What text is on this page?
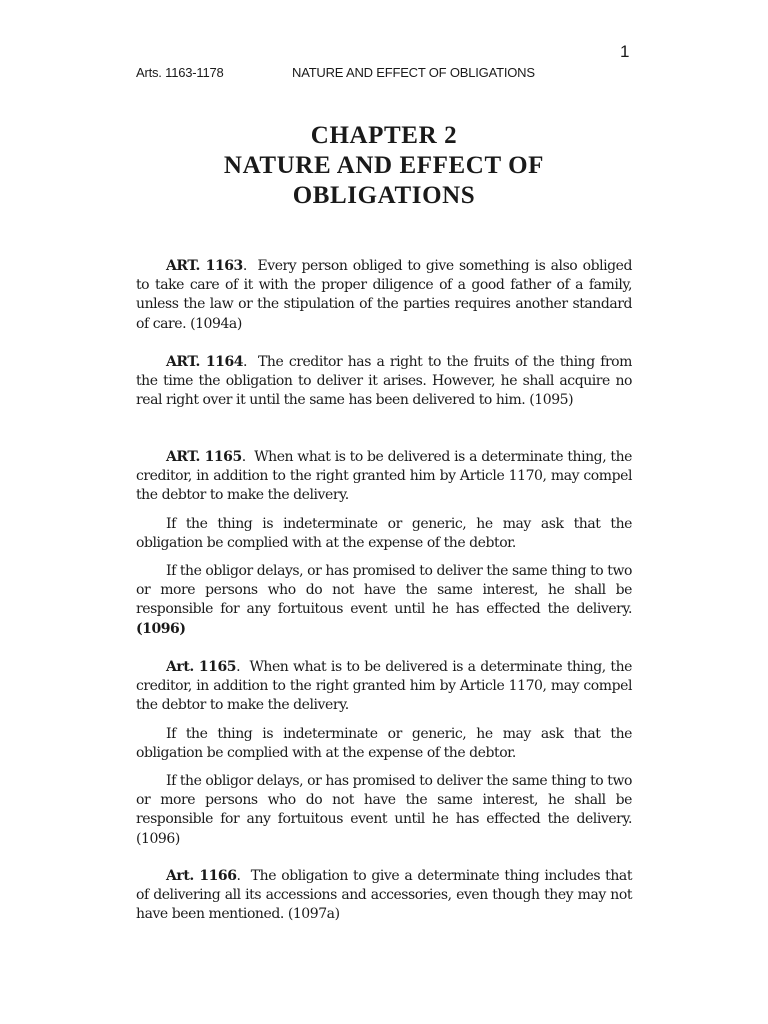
1
Arts. 1163-1178	NATURE AND EFFECT OF OBLIGATIONS
CHAPTER 2
NATURE AND EFFECT OF
OBLIGATIONS

ART. 1163.  Every person obliged to give something is also obliged to take care of it with the proper diligence of a good father of a family, unless the law or the stipulation of the parties requires another standard of care. (1094a)

ART. 1164.  The creditor has a right to the fruits of the thing from the time the obligation to deliver it arises. However, he shall acquire no real right over it until the same has been delivered to him. (1095)

ART. 1165.  When what is to be delivered is a determinate thing, the creditor, in addition to the right granted him by Article 1170, may compel the debtor to make the delivery.

If the thing is indeterminate or generic, he may ask that the obligation be complied with at the expense of the debtor.

If the obligor delays, or has promised to deliver the same thing to two or more persons who do not have the same interest, he shall be responsible for any fortuitous event until he has effected the delivery. (1096)

Art. 1165.  When what is to be delivered is a determinate thing, the creditor, in addition to the right granted him by Article 1170, may compel the debtor to make the delivery.

If the thing is indeterminate or generic, he may ask that the obligation be complied with at the expense of the debtor.

If the obligor delays, or has promised to deliver the same thing to two or more persons who do not have the same interest, he shall be responsible for any fortuitous event until he has effected the delivery. (1096)

Art. 1166.  The obligation to give a determinate thing includes that of delivering all its accessions and accessories, even though they may not have been mentioned. (1097a)
